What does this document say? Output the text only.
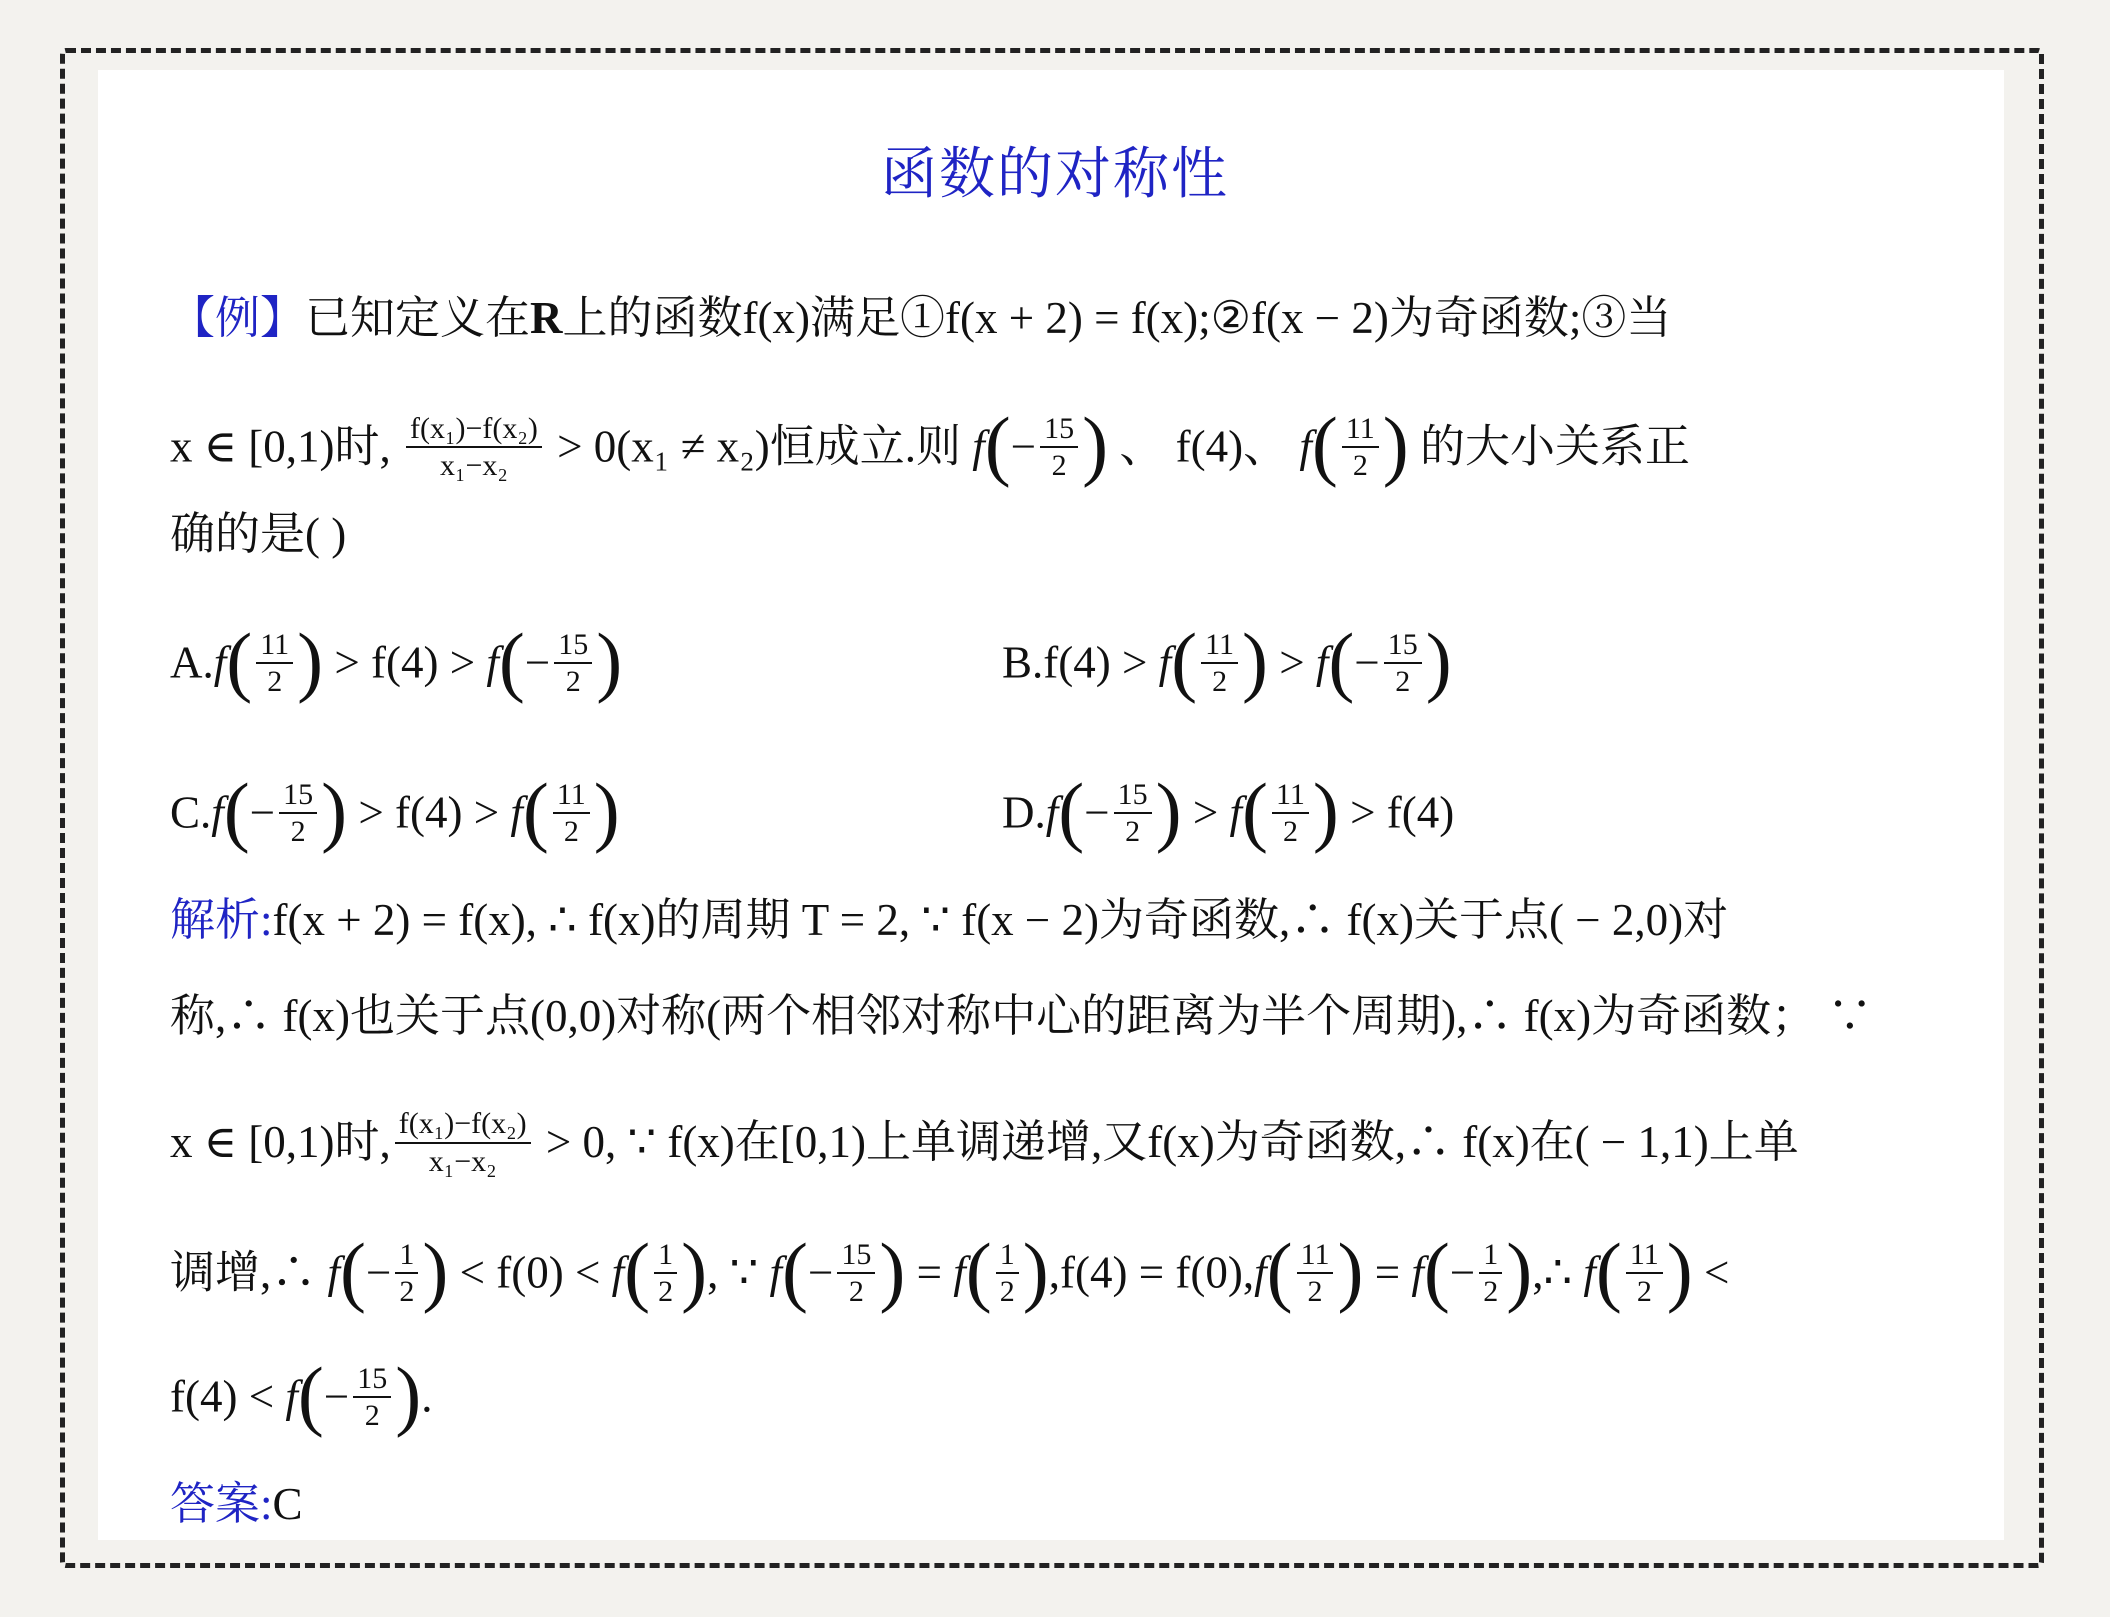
函数的对称性
【例】已知定义在R上的函数f(x)满足①f(x + 2) = f(x);②f(x − 2)为奇函数;③当
x ∈ [0,1)时, $\frac{\text{f(x₁)−f(x₂)}}{\text{x₁−x₂}} > 0(x_1 \ne x_2)$恒成立.则 $f(- \frac{15}{2}$ ) 、 f(4)、 $f( \frac{11}{2}$ ) 的大小关系正
确的是( )
$A.f( \frac{11}{2}$ ) > $f(4) > f(- \frac{15}{2}$ )	$B.f(4) > f( \frac{11}{2}$ ) > $f(- \frac{15}{2}$ )
$C.f(- \frac{15}{2}$ ) > $f(4) > f( \frac{11}{2}$ )	$D.f(- \frac{15}{2}$ ) > $f( \frac{11}{2}$ ) > f(4)
解析:f(x + 2) = f(x), ∴ f(x)的周期 T = 2, ∵ f(x − 2)为奇函数,∴ f(x)关于点( − 2,0)对
称,∴ f(x)也关于点(0,0)对称(两个相邻对称中心的距离为半个周期),∴ f(x)为奇函数； ∵
x ∈ [0,1)时, $\frac{\text{f(x₁)−f(x₂)}}{\text{x₁−x₂}} > 0$, ∵ f(x)在[0,1)上单调递增,又f(x)为奇函数,∴ f(x)在( − 1,1)上单
调增,∴ $f(- \frac{1}{2}$ ) < $f(0) < f( \frac{1}{2}$ ), ∵ $f(- \frac{15}{2}$ ) = $f( \frac{1}{2} ),f(4) = f(0),f( \frac{11}{2}$ ) = $f(- \frac{1}{2}$ ),∴ $f( \frac{11}{2}$ ) <
$f(4) < f(- \frac{15}{2}$ ).
答案:C
